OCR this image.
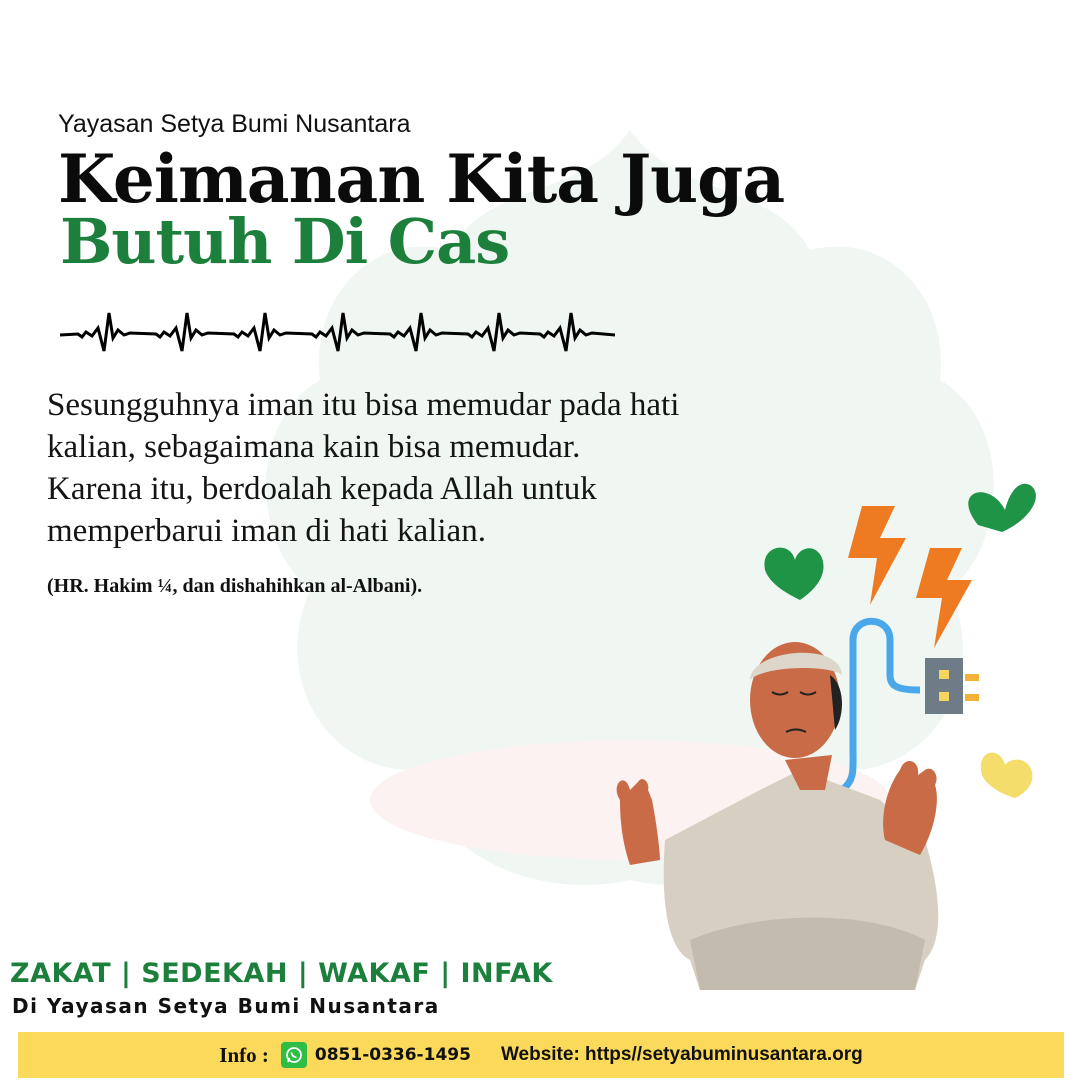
Yayasan Setya Bumi Nusantara
Keimanan Kita Juga
Butuh Di Cas
Sesungguhnya iman itu bisa memudar pada hati
kalian, sebagaimana kain bisa memudar.
Karena itu, berdoalah kepada Allah untuk
memperbarui iman di hati kalian.
(HR. Hakim ¼, dan dishahihkan al-Albani).
ZAKAT | SEDEKAH | WAKAF | INFAK
Di Yayasan Setya Bumi Nusantara
Info :	0851-0336-1495 Website: https//setyabuminusantara.org
